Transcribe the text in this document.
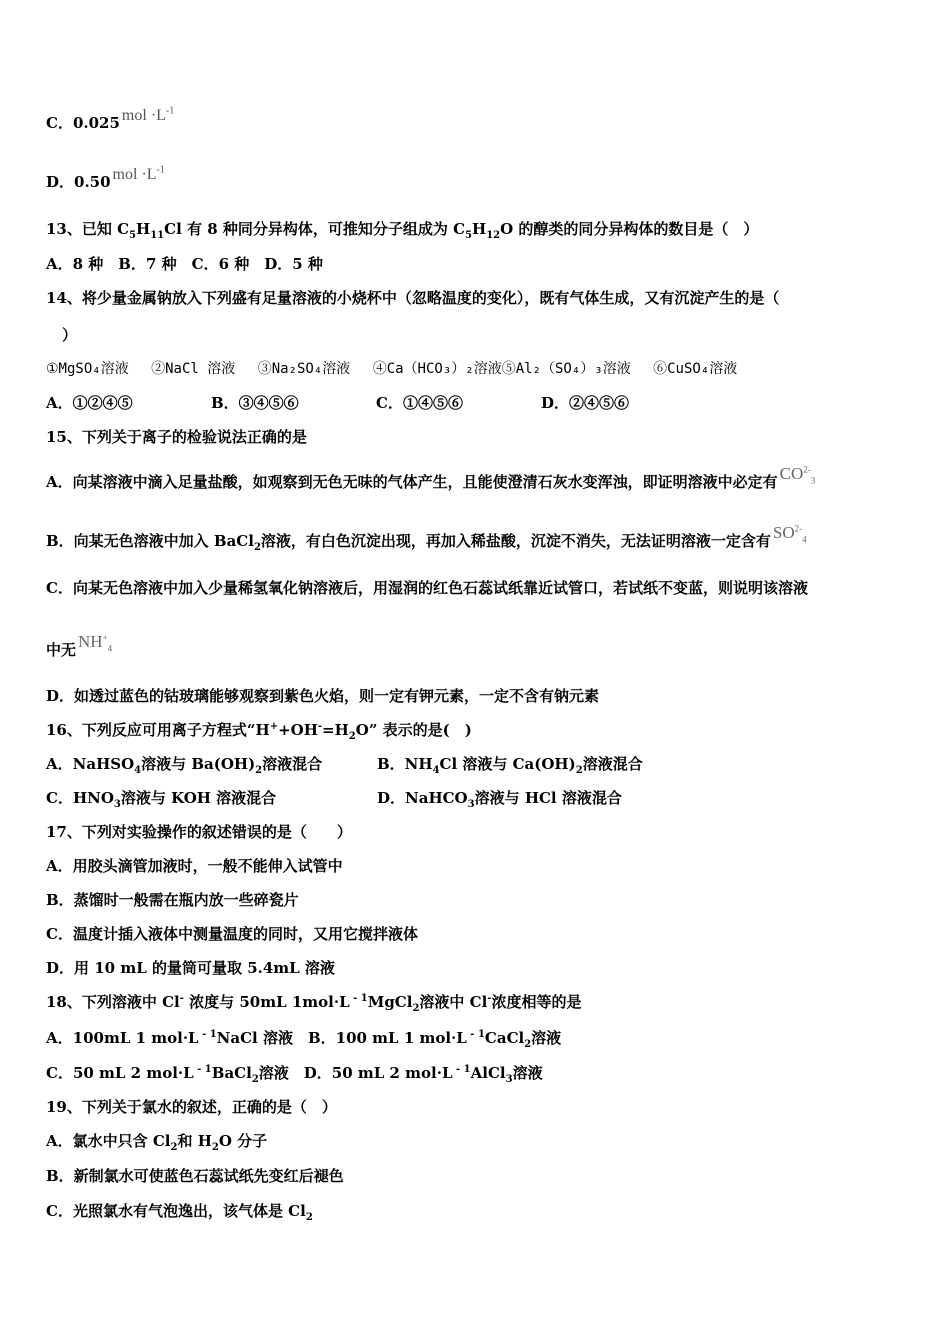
C．0.025 mol $\cdot L^{-1}$
D．0.50 mol $\cdot L^{-1}$
13、已知 $C_5H_{11}Cl$ 有 8 种同分异构体，可推知分子组成为 $C_5H_{12}O$ 的醇类的同分异构体的数目是（　）
A．8 种　B．7 种　C．6 种　D．5 种
14、将少量金属钠放入下列盛有足量溶液的小烧杯中（忽略温度的变化），既有气体生成，又有沉淀产生的是（
）
①MgSO₄溶液　 ②NaCl 溶液　 ③Na₂SO₄溶液　 ④Ca（HCO₃）₂溶液⑤Al₂（SO₄）₃溶液　 ⑥CuSO₄溶液
A．①②④⑤	B．③④⑤⑥	C．①④⑤⑥	D．②④⑤⑥
15、下列关于离子的检验说法正确的是
A．向某溶液中滴入足量盐酸，如观察到无色无味的气体产生，且能使澄清石灰水变浑浊，即证明溶液中必定有 $CO^{2-}_3$
B．向某无色溶液中加入 BaCl$_2$溶液，有白色沉淀出现，再加入稀盐酸，沉淀不消失，无法证明溶液一定含有 $SO^{2-}_4$
C．向某无色溶液中加入少量稀氢氧化钠溶液后，用湿润的红色石蕊试纸靠近试管口，若试纸不变蓝，则说明该溶液
中无 $NH^+_4$
D．如透过蓝色的钴玻璃能够观察到紫色火焰，则一定有钾元素，一定不含有钠元素
16、下列反应可用离子方程式“$H^++OH^-=H_2O$” 表示的是(　)
A．NaHSO$_4$溶液与 $Ba(OH)_2$溶液混合	B．$NH_4Cl$ 溶液与 $Ca(OH)_2$溶液混合
C．$HNO_3$溶液与 KOH 溶液混合	D．NaHCO$_3$溶液与 HCl 溶液混合
17、下列对实验操作的叙述错误的是（　　）
A．用胶头滴管加液时，一般不能伸入试管中
B．蒸馏时一般需在瓶内放一些碎瓷片
C．温度计插入液体中测量温度的同时，又用它搅拌液体
D．用 10 mL 的量筒可量取 5.4mL 溶液
18、下列溶液中 Cl- 浓度与 50mL 1mol·L $^{- 1}$MgCl$_2$溶液中 Cl-浓度相等的是
A．100mL 1 mol·L $^{- 1}$NaCl 溶液　B．100 mL 1 mol·L $^{- 1}$CaCl$_2$溶液
C．50 mL 2 mol·L $^{- 1}$BaCl$_2$溶液　D．50 mL 2 mol·L $^{- 1}$AlCl$_3$溶液
19、下列关于氯水的叙述，正确的是（　）
A．氯水中只含 $Cl_2$和 $H_2O$ 分子
B．新制氯水可使蓝色石蕊试纸先变红后褪色
C．光照氯水有气泡逸出，该气体是 $Cl_2$
